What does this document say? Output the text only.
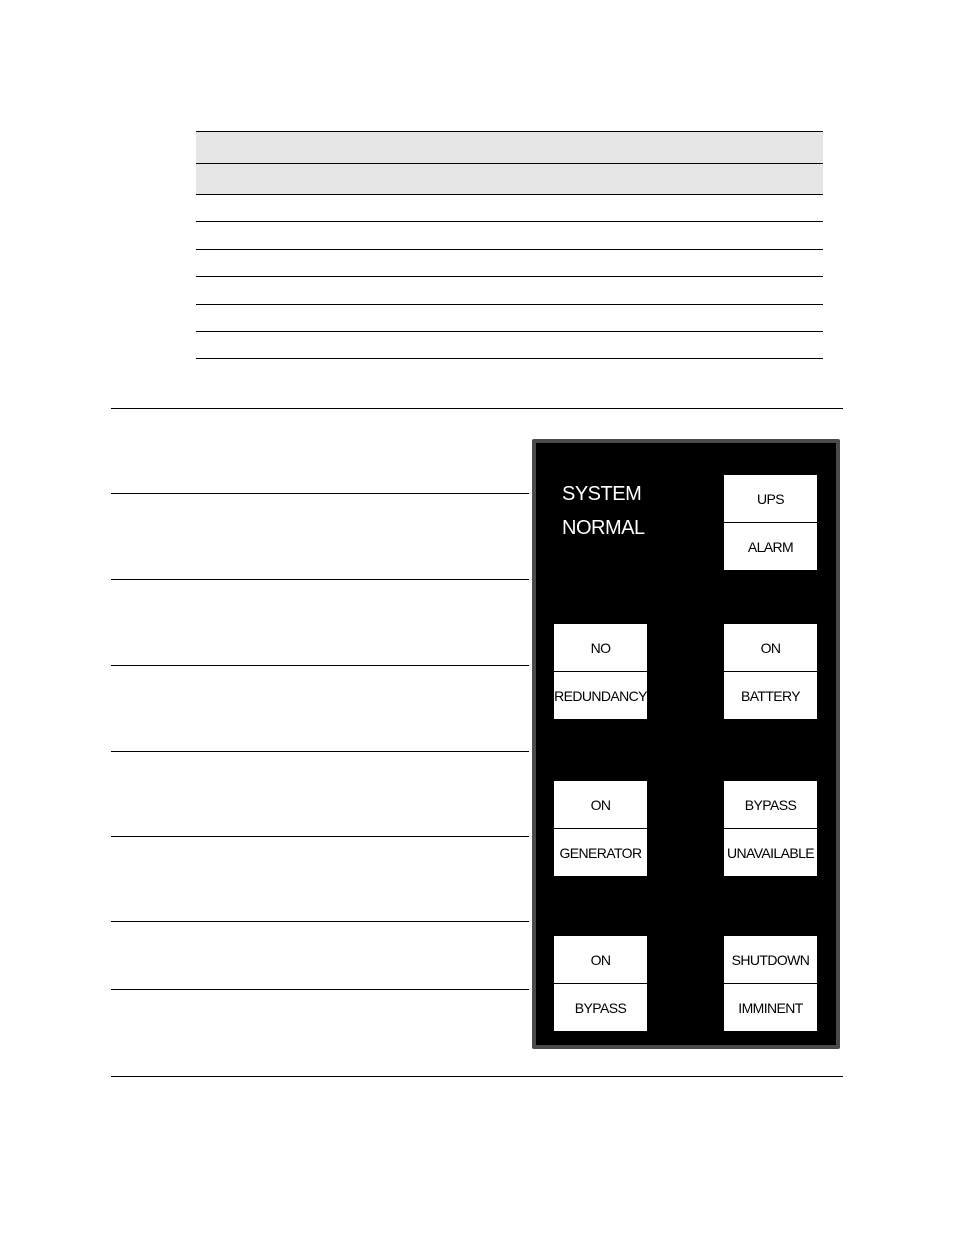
SYSTEM
NORMAL
UPS
ALARM
NO
REDUNDANCY
ON
BATTERY
ON
GENERATOR
BYPASS
UNAVAILABLE
ON
BYPASS
SHUTDOWN
IMMINENT
